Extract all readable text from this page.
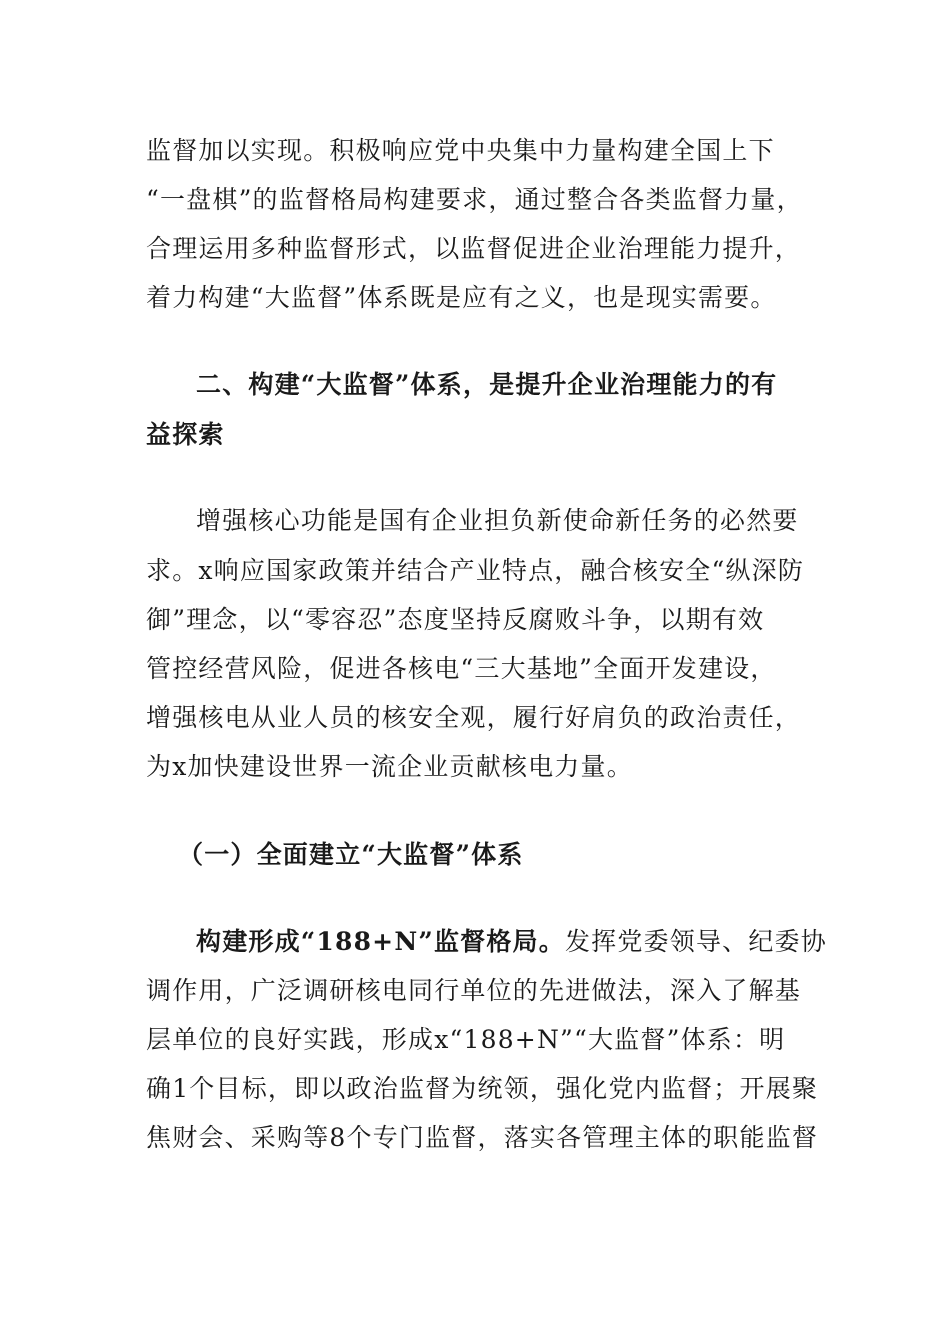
监督加以实现。积极响应党中央集中力量构建全国上下
“一盘棋”的监督格局构建要求，通过整合各类监督力量，
合理运用多种监督形式，以监督促进企业治理能力提升，
着力构建“大监督”体系既是应有之义，也是现实需要。
二、构建“大监督”体系，是提升企业治理能力的有
益探索
增强核心功能是国有企业担负新使命新任务的必然要
求。x响应国家政策并结合产业特点，融合核安全“纵深防
御”理念，以“零容忍”态度坚持反腐败斗争，以期有效
管控经营风险，促进各核电“三大基地”全面开发建设，
增强核电从业人员的核安全观，履行好肩负的政治责任，
为x加快建设世界一流企业贡献核电力量。
（一）全面建立“大监督”体系
构建形成“188+N”监督格局。发挥党委领导、纪委协
调作用，广泛调研核电同行单位的先进做法，深入了解基
层单位的良好实践，形成x“188+N”“大监督”体系：明
确1个目标，即以政治监督为统领，强化党内监督；开展聚
焦财会、采购等8个专门监督，落实各管理主体的职能监督
